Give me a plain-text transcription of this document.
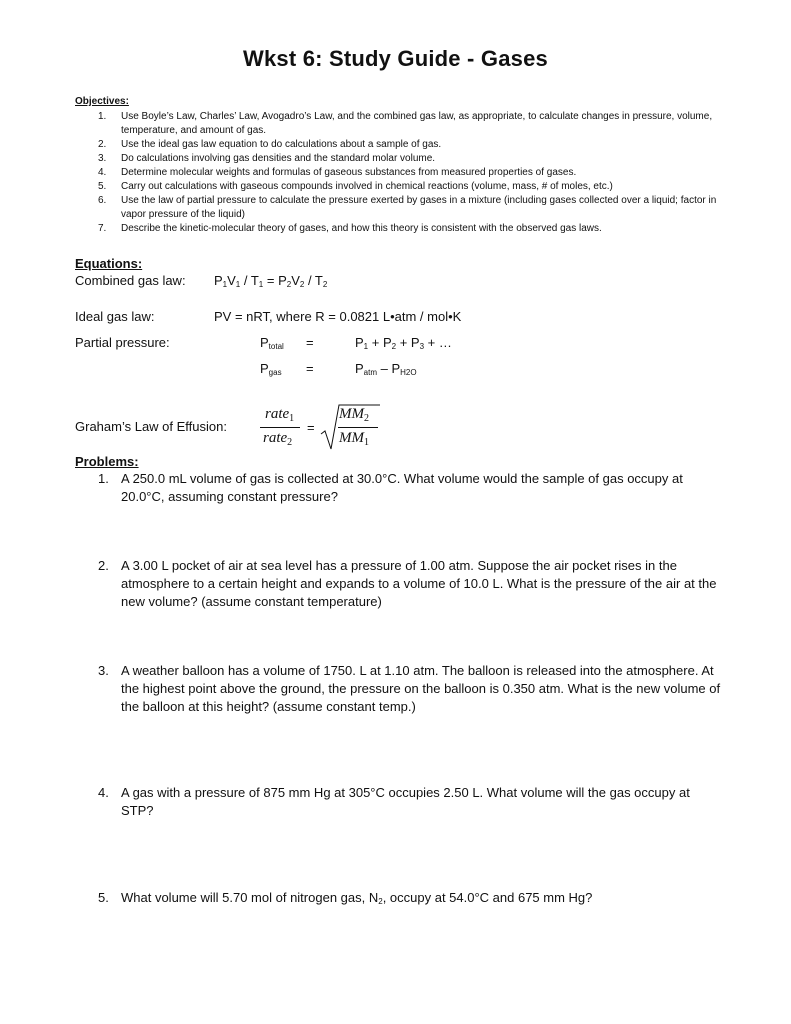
Wkst 6: Study Guide - Gases
Objectives:
1. Use Boyle’s Law, Charles’ Law, Avogadro’s Law, and the combined gas law, as appropriate, to calculate changes in pressure, volume, temperature, and amount of gas.
2. Use the ideal gas law equation to do calculations about a sample of gas.
3. Do calculations involving gas densities and the standard molar volume.
4. Determine molecular weights and formulas of gaseous substances from measured properties of gases.
5. Carry out calculations with gaseous compounds involved in chemical reactions (volume, mass, # of moles, etc.)
6. Use the law of partial pressure to calculate the pressure exerted by gases in a mixture (including gases collected over a liquid; factor in vapor pressure of the liquid)
7. Describe the kinetic-molecular theory of gases, and how this theory is consistent with the observed gas laws.
Equations:
Combined gas law: $P_1V_1 / T_1 = P_2V_2 / T_2$
Ideal gas law:	PV = nRT, where R = 0.0821 L•atm / mol•K
Partial pressure:	$P_{total}$ =	$P_1 + P_2 + P_3$ + …
$P_{gas}$ =	$P_{atm} - P_{H2O}$
Graham’s Law of Effusion:
rate$_1$
rate$_2$
=
$MM_2$
$MM_1$
Problems:
1. A 250.0 mL volume of gas is collected at 30.0°C. What volume would the sample of gas occupy at 20.0°C, assuming constant pressure?
2. A 3.00 L pocket of air at sea level has a pressure of 1.00 atm. Suppose the air pocket rises in the atmosphere to a certain height and expands to a volume of 10.0 L. What is the pressure of the air at the new volume? (assume constant temperature)
3. A weather balloon has a volume of 1750. L at 1.10 atm. The balloon is released into the atmosphere. At the highest point above the ground, the pressure on the balloon is 0.350 atm. What is the new volume of the balloon at this height? (assume constant temp.)
4. A gas with a pressure of 875 mm Hg at 305°C occupies 2.50 L. What volume will the gas occupy at STP?
5. What volume will 5.70 mol of nitrogen gas, $N_2$, occupy at 54.0°C and 675 mm Hg?
